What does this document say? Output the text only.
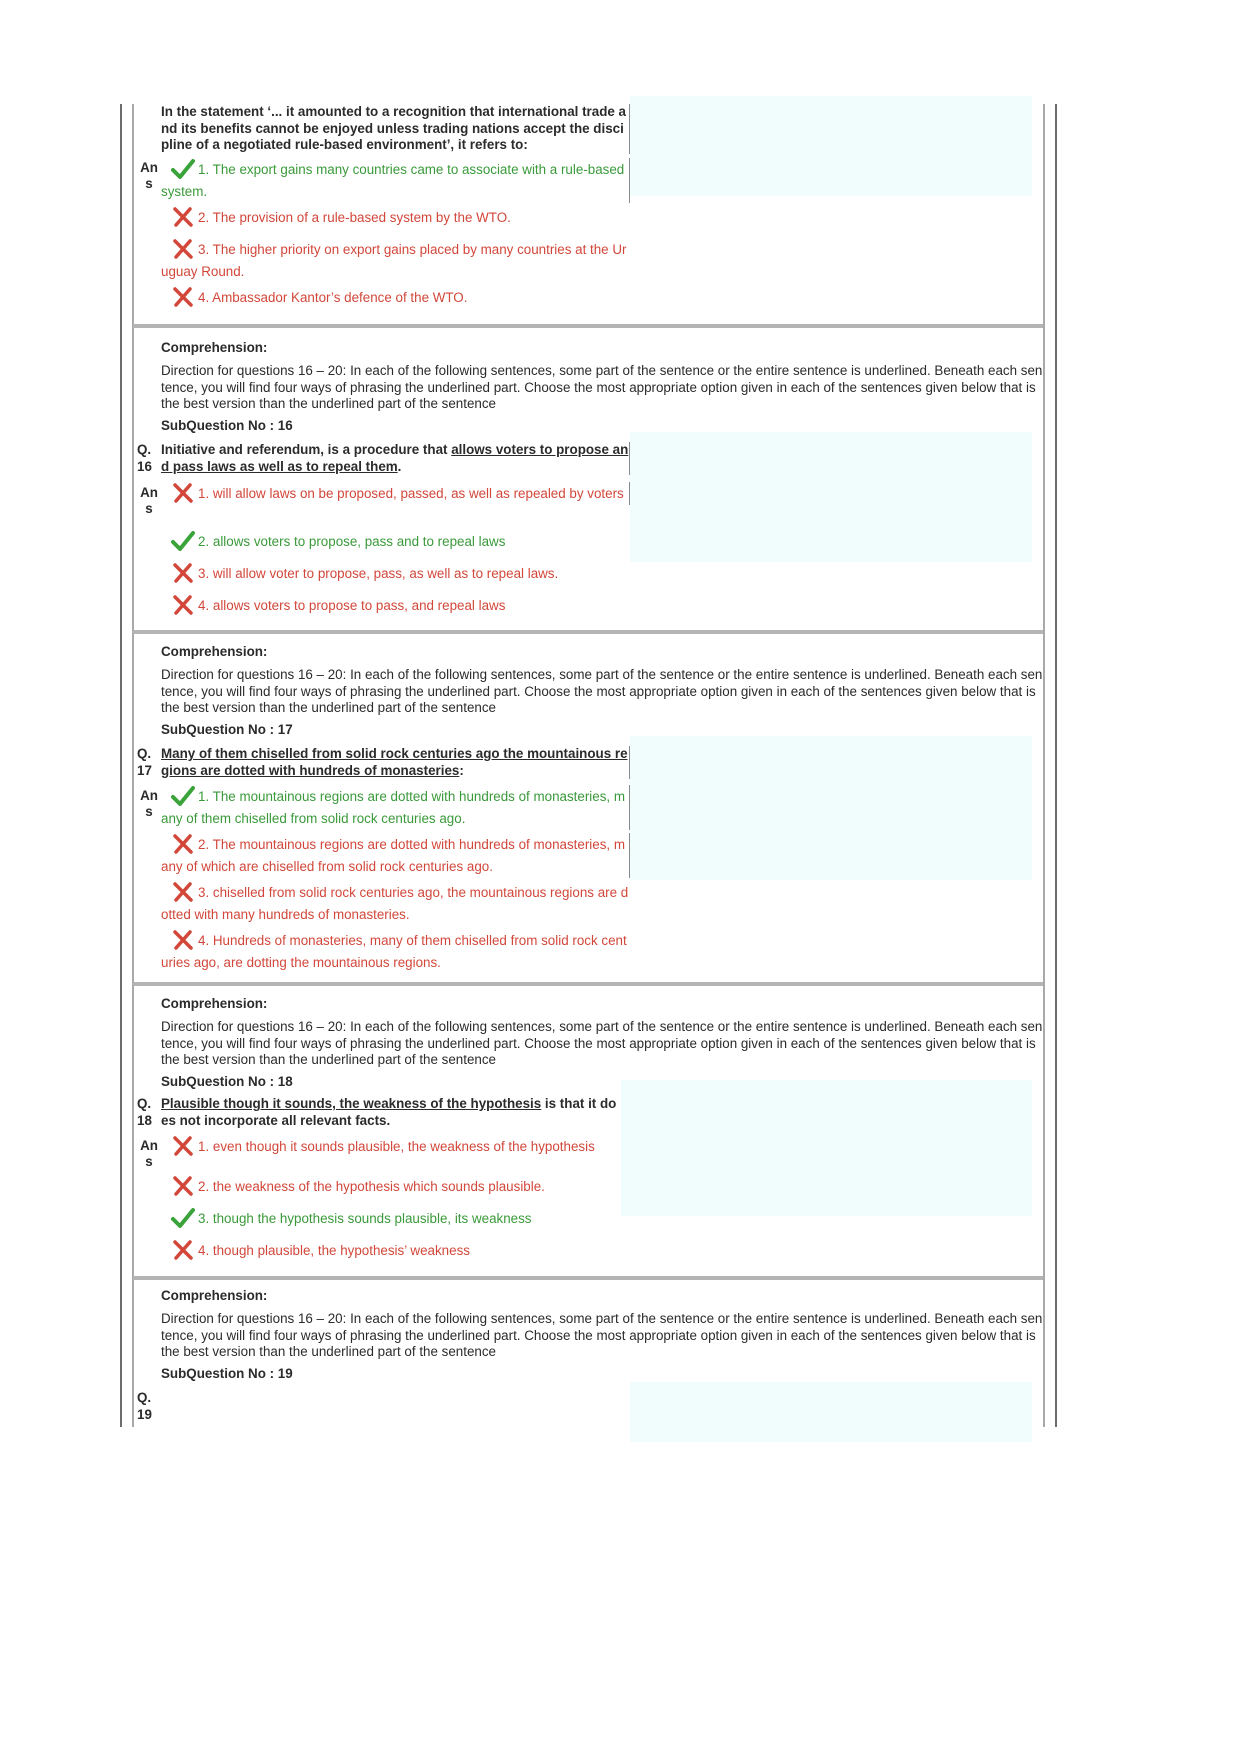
In the statement ‘... it amounted to a recognition that international trade and its benefits cannot be enjoyed unless trading nations accept the discipline of a negotiated rule-based environment’, it refers to:
An
s
1. The export gains many countries came to associate with a rule-based system.
2. The provision of a rule-based system by the WTO.
3. The higher priority on export gains placed by many countries at the Uruguay Round.
4. Ambassador Kantor’s defence of the WTO.
Comprehension:
Direction for questions 16 – 20: In each of the following sentences, some part of the sentence or the entire sentence is underlined. Beneath each sentence, you will find four ways of phrasing the underlined part. Choose the most appropriate option given in each of the sentences given below that is the best version than the underlined part of the sentence
SubQuestion No : 16
Q.
16
Initiative and referendum, is a procedure that allows voters to propose and pass laws as well as to repeal them.
An
s
1. will allow laws on be proposed, passed, as well as repealed by voters
2. allows voters to propose, pass and to repeal laws
3. will allow voter to propose, pass, as well as to repeal laws.
4. allows voters to propose to pass, and repeal laws
Comprehension:
Direction for questions 16 – 20: In each of the following sentences, some part of the sentence or the entire sentence is underlined. Beneath each sentence, you will find four ways of phrasing the underlined part. Choose the most appropriate option given in each of the sentences given below that is the best version than the underlined part of the sentence
SubQuestion No : 17
Q.
17
Many of them chiselled from solid rock centuries ago the mountainous regions are dotted with hundreds of monasteries:
An
s
1. The mountainous regions are dotted with hundreds of monasteries, many of them chiselled from solid rock centuries ago.
2. The mountainous regions are dotted with hundreds of monasteries, many of which are chiselled from solid rock centuries ago.
3. chiselled from solid rock centuries ago, the mountainous regions are dotted with many hundreds of monasteries.
4. Hundreds of monasteries, many of them chiselled from solid rock centuries ago, are dotting the mountainous regions.
Comprehension:
Direction for questions 16 – 20: In each of the following sentences, some part of the sentence or the entire sentence is underlined. Beneath each sentence, you will find four ways of phrasing the underlined part. Choose the most appropriate option given in each of the sentences given below that is the best version than the underlined part of the sentence
SubQuestion No : 18
Q.
18
Plausible though it sounds, the weakness of the hypothesis is that it does not incorporate all relevant facts.
An
s
1. even though it sounds plausible, the weakness of the hypothesis
2. the weakness of the hypothesis which sounds plausible.
3. though the hypothesis sounds plausible, its weakness
4. though plausible, the hypothesis’ weakness
Comprehension:
Direction for questions 16 – 20: In each of the following sentences, some part of the sentence or the entire sentence is underlined. Beneath each sentence, you will find four ways of phrasing the underlined part. Choose the most appropriate option given in each of the sentences given below that is the best version than the underlined part of the sentence
SubQuestion No : 19
Q.
19
